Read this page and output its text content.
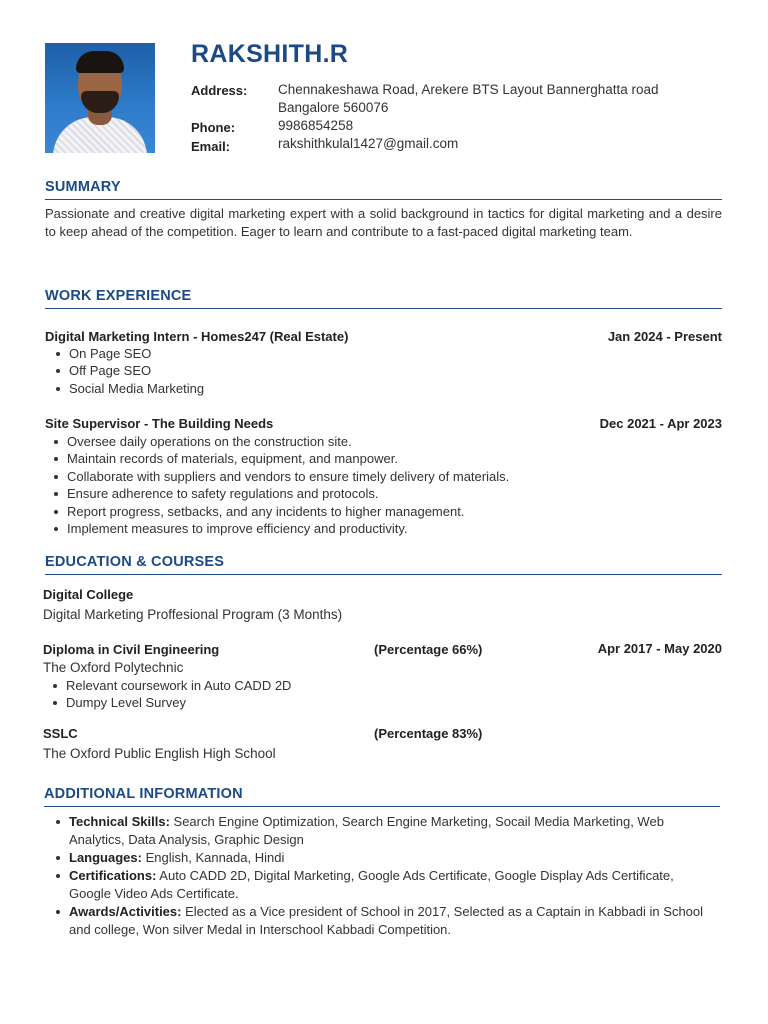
RAKSHITH.R
Address: Chennakeshawa Road, Arekere BTS Layout Bannerghatta road
Bangalore 560076
Phone:	9986854258
Email:	rakshithkulal1427@gmail.com
SUMMARY
Passionate and creative digital marketing expert with a solid background in tactics for digital marketing and a desire to keep ahead of the competition. Eager to learn and contribute to a fast-paced digital marketing team.
WORK EXPERIENCE
Digital Marketing Intern - Homes247 (Real Estate)	Jan 2024 - Present
On Page SEO
Off Page SEO
Social Media Marketing
Site Supervisor - The Building Needs	Dec 2021 - Apr 2023
Oversee daily operations on the construction site.
Maintain records of materials, equipment, and manpower.
Collaborate with suppliers and vendors to ensure timely delivery of materials.
Ensure adherence to safety regulations and protocols.
Report progress, setbacks, and any incidents to higher management.
Implement measures to improve efficiency and productivity.
EDUCATION & COURSES
Digital College
Digital Marketing Proffesional Program (3 Months)
Diploma in Civil Engineering	(Percentage 66%)	Apr 2017 - May 2020
The Oxford Polytechnic
Relevant coursework in Auto CADD 2D
Dumpy Level Survey
SSLC	(Percentage 83%)
The Oxford Public English High School
ADDITIONAL INFORMATION
Technical Skills: Search Engine Optimization, Search Engine Marketing, Socail Media Marketing, Web Analytics, Data Analysis, Graphic Design
Languages: English, Kannada, Hindi
Certifications: Auto CADD 2D, Digital Marketing, Google Ads Certificate, Google Display Ads Certificate, Google Video Ads Certificate.
Awards/Activities: Elected as a Vice president of School in 2017, Selected as a Captain in Kabbadi in School and college, Won silver Medal in Interschool Kabbadi Competition.
